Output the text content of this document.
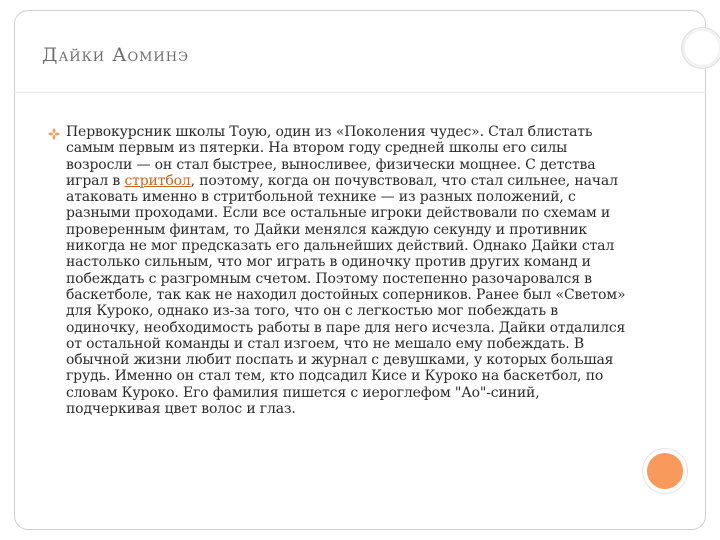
Дайки Аоминэ

Первокурсник школы Тоую, один из «Поколения чудес». Стал блистать самым первым из пятерки. На втором году средней школы его силы возросли — он стал быстрее, выносливее, физически мощнее. С детства играл в стритбол, поэтому, когда он почувствовал, что стал сильнее, начал атаковать именно в стритбольной технике — из разных положений, с разными проходами. Если все остальные игроки действовали по схемам и проверенным финтам, то Дайки менялся каждую секунду и противник никогда не мог предсказать его дальнейших действий. Однако Дайки стал настолько сильным, что мог играть в одиночку против других команд и побеждать с разгромным счетом. Поэтому постепенно разочаровался в баскетболе, так как не находил достойных соперников. Ранее был «Светом» для Куроко, однако из-за того, что он с легкостью мог побеждать в одиночку, необходимость работы в паре для него исчезла. Дайки отдалился от остальной команды и стал изгоем, что не мешало ему побеждать. В обычной жизни любит поспать и журнал с девушками, у которых большая грудь. Именно он стал тем, кто подсадил Кисе и Куроко на баскетбол, по словам Куроко. Его фамилия пишется с иероглефом "Ао"-синий, подчеркивая цвет волос и глаз.
